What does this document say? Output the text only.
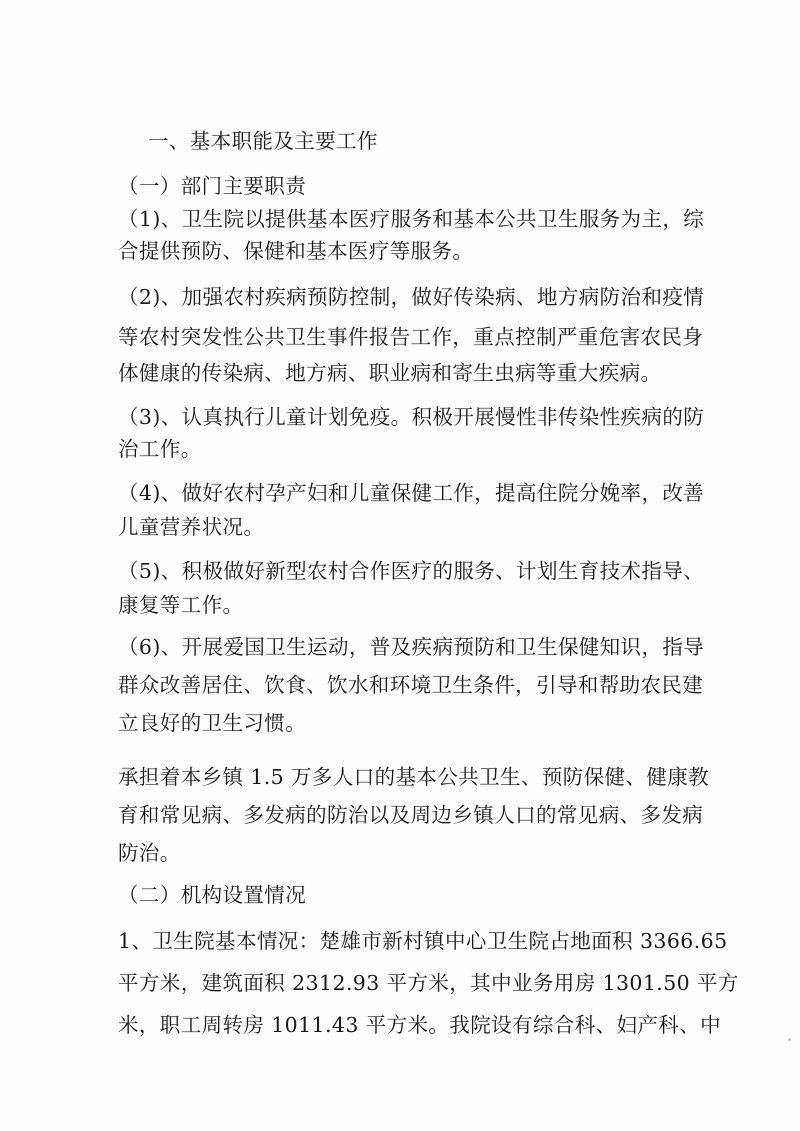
一、基本职能及主要工作
（一）部门主要职责
（1)、卫生院以提供基本医疗服务和基本公共卫生服务为主，综
合提供预防、保健和基本医疗等服务。
（2)、加强农村疾病预防控制，做好传染病、地方病防治和疫情
等农村突发性公共卫生事件报告工作，重点控制严重危害农民身
体健康的传染病、地方病、职业病和寄生虫病等重大疾病。
（3)、认真执行儿童计划免疫。积极开展慢性非传染性疾病的防
治工作。
（4)、做好农村孕产妇和儿童保健工作，提高住院分娩率，改善
儿童营养状况。
（5)、积极做好新型农村合作医疗的服务、计划生育技术指导、
康复等工作。
（6)、开展爱国卫生运动，普及疾病预防和卫生保健知识，指导
群众改善居住、饮食、饮水和环境卫生条件，引导和帮助农民建
立良好的卫生习惯。
承担着本乡镇 1.5 万多人口的基本公共卫生、预防保健、健康教
育和常见病、多发病的防治以及周边乡镇人口的常见病、多发病
防治。
（二）机构设置情况
1、卫生院基本情况：楚雄市新村镇中心卫生院占地面积 3366.65
平方米，建筑面积 2312.93 平方米，其中业务用房 1301.50 平方
米，职工周转房 1011.43 平方米。我院设有综合科、妇产科、中
